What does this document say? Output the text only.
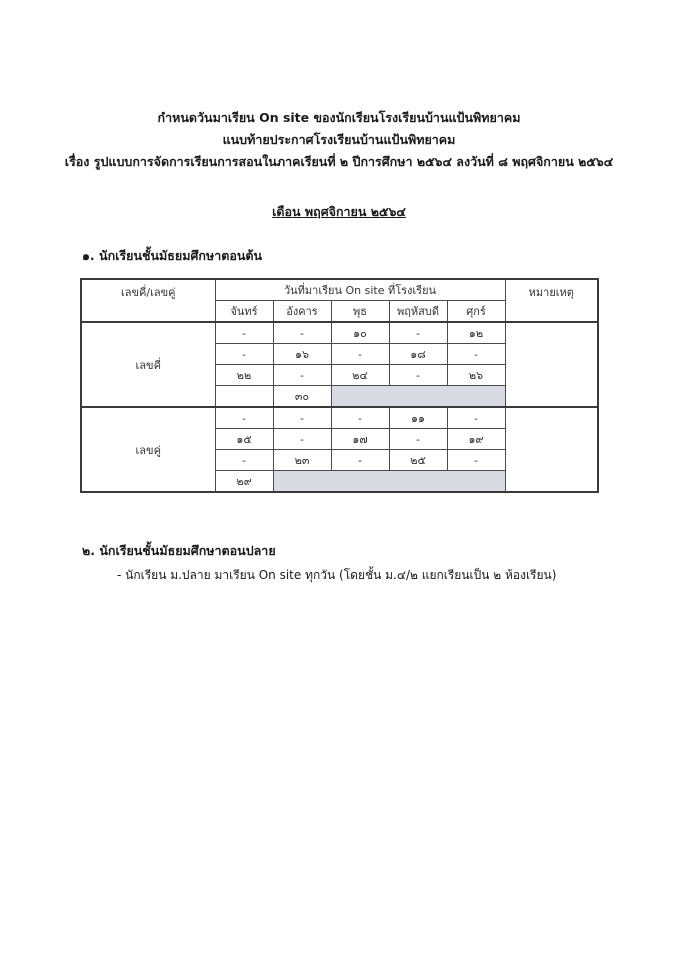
กำหนดวันมาเรียน On site ของนักเรียนโรงเรียนบ้านแป้นพิทยาคม
แนบท้ายประกาศโรงเรียนบ้านแป้นพิทยาคม
เรื่อง รูปแบบการจัดการเรียนการสอนในภาคเรียนที่ ๒ ปีการศึกษา ๒๕๖๔ ลงวันที่ ๘ พฤศจิกายน ๒๕๖๔
เดือน พฤศจิกายน ๒๕๖๔
๑. นักเรียนชั้นมัธยมศึกษาตอนต้น
เลขคี่/เลขคู่	วันที่มาเรียน On site ที่โรงเรียน					หมายเหตุ
	จันทร์	อังคาร	พุธ	พฤหัสบดี	ศุกร์	
เลขคี่	-	-	๑๐	-	๑๒	
	-	๑๖	-	๑๘	-	
	๒๒	-	๒๔	-	๒๖	
		๓๐				
เลขคู่	-	-	-	๑๑	-	
	๑๕	-	๑๗	-	๑๙	
	-	๒๓	-	๒๕	-	
	๒๙					
๒. นักเรียนชั้นมัธยมศึกษาตอนปลาย
- นักเรียน ม.ปลาย มาเรียน On site ทุกวัน (โดยชั้น ม.๔/๒ แยกเรียนเป็น ๒ ห้องเรียน)
